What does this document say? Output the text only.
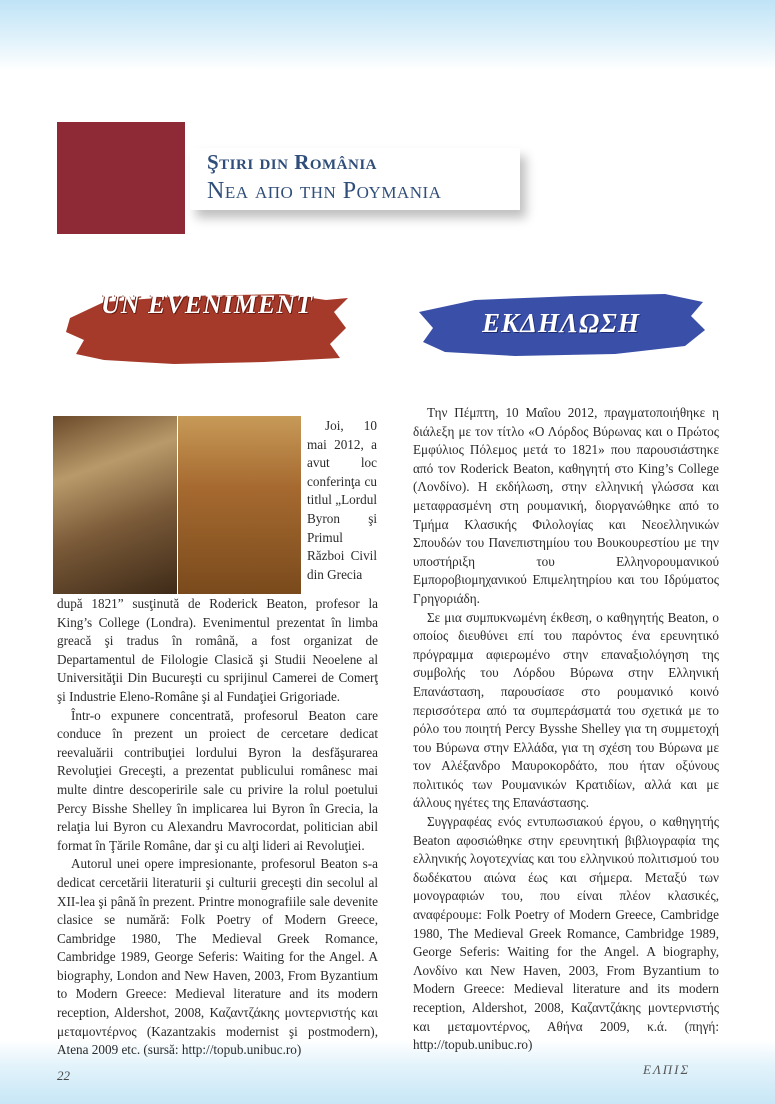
Ştiri din România
Νεα απο την Ρουμανια
UN EVENIMENT
ΕΚΔΗΛΩΣΗ

Joi, 10 mai 2012, a avut loc conferinţa cu titlul „Lordul Byron şi Primul Război Civil din Grecia

după 1821” susţinută de Roderick Beaton, profesor la King’s College (Londra). Evenimentul prezentat în limba greacă şi tradus în română, a fost organizat de Departamentul de Filologie Clasică şi Studii Neoelene al Universităţii Din Bucureşti cu sprijinul Camerei de Comerţ şi Industrie Eleno-Române şi al Fundaţiei Grigoriade.

Într-o expunere concentrată, profesorul Beaton care conduce în prezent un proiect de cercetare dedicat reevaluării contribuţiei lordului Byron la desfăşurarea Revoluţiei Greceşti, a prezentat publicului românesc mai multe dintre descoperirile sale cu privire la rolul poetului Percy Bisshe Shelley în implicarea lui Byron în Grecia, la relaţia lui Byron cu Alexandru Mavrocordat, politician abil format în Ţările Române, dar şi cu alţi lideri ai Revoluţiei.

Autorul unei opere impresionante, profesorul Beaton s-a dedicat cercetării literaturii şi culturii greceşti din secolul al XII-lea şi până în prezent. Printre monografiile sale devenite clasice se numără: Folk Poetry of Modern Greece, Cambridge 1980, The Medieval Greek Romance, Cambridge 1989, George Seferis: Waiting for the Angel. A biography, London and New Haven, 2003, From Byzantium to Modern Greece: Medieval literature and its modern reception, Aldershot, 2008, Καζαντζάκης μοντερνιστής και μεταμοντέρνος (Kazantzakis modernist şi postmodern), Atena 2009 etc. (sursă: http://topub.unibuc.ro)

Την Πέμπτη, 10 Μαΐου 2012, πραγματοποιήθηκε η διάλεξη με τον τίτλο «Ο Λόρδος Βύρωνας και ο Πρώτος Εμφύλιος Πόλεμος μετά το 1821» που παρουσιάστηκε από τον Roderick Beaton, καθηγητή στο King’s College (Λονδίνο). Η εκδήλωση, στην ελληνική γλώσσα και μεταφρασμένη στη ρουμανική, διοργανώθηκε από το Τμήμα Κλασικής Φιλολογίας και Νεοελληνικών Σπουδών του Πανεπιστημίου του Βουκουρεστίου με την υποστήριξη του Ελληνορουμανικού Εμπορoβιομηχανικού Επιμελητηρίου και του Ιδρύματος Γρηγοριάδη.

Σε μια συμπυκνωμένη έκθεση, ο καθηγητής Beaton, ο οποίος διευθύνει επί του παρόντος ένα ερευνητικό πρόγραμμα αφιερωμένο στην επαναξιολόγηση της συμβολής του Λόρδου Βύρωνα στην Ελληνική Επανάσταση, παρουσίασε στο ρουμανικό κοινό περισσότερα από τα συμπεράσματά του σχετικά με το ρόλο του ποιητή Percy Bysshe Shelley για τη συμμετοχή του Βύρωνα στην Ελλάδα, για τη σχέση του Βύρωνα με τον Αλέξανδρο Μαυροκορδάτο, που ήταν οξύνους πολιτικός των Ρουμανικών Κρατιδίων, αλλά και με άλλους ηγέτες της Επανάστασης.

Συγγραφέας ενός εντυπωσιακού έργου, ο καθηγητής Beaton αφοσιώθηκε στην ερευνητική βιβλιογραφία της ελληνικής λογοτεχνίας και του ελληνικού πολιτισμού του δωδέκατου αιώνα έως και σήμερα. Μεταξύ των μονογραφιών του, που είναι πλέον κλασικές, αναφέρουμε: Folk Poetry of Modern Greece, Cambridge 1980, The Medieval Greek Romance, Cambridge 1989, George Seferis: Waiting for the Angel. A biography, Λονδίνο και New Haven, 2003, From Byzantium to Modern Greece: Medieval literature and its modern reception, Aldershot, 2008, Καζαντζάκης μοντερνιστής και μεταμοντέρνος, Αθήνα 2009, κ.ά. (πηγή: http://topub.unibuc.ro)

22	ΕΛΠΙΣ
